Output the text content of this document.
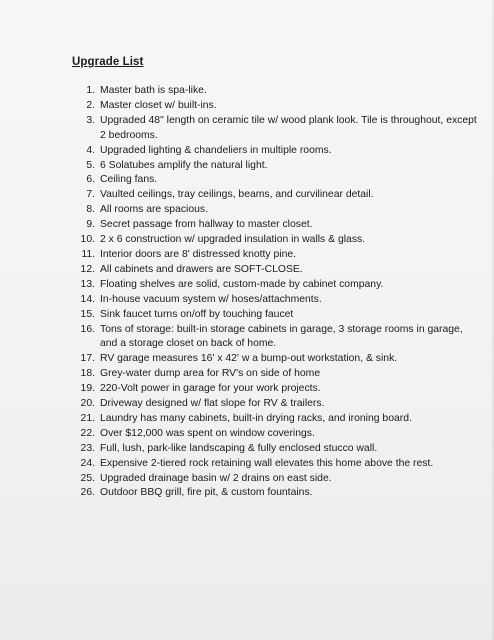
Upgrade List
1. Master bath is spa-like.
2. Master closet w/ built-ins.
3. Upgraded 48" length on ceramic tile w/ wood plank look. Tile is throughout, except 2 bedrooms.
4. Upgraded lighting & chandeliers in multiple rooms.
5. 6 Solatubes amplify the natural light.
6. Ceiling fans.
7. Vaulted ceilings, tray ceilings, beams, and curvilinear detail.
8. All rooms are spacious.
9. Secret passage from hallway to master closet.
10. 2 x 6 construction w/ upgraded insulation in walls & glass.
11. Interior doors are 8' distressed knotty pine.
12. All cabinets and drawers are SOFT-CLOSE.
13. Floating shelves are solid, custom-made by cabinet company.
14. In-house vacuum system w/ hoses/attachments.
15. Sink faucet turns on/off by touching faucet
16. Tons of storage: built-in storage cabinets in garage, 3 storage rooms in garage, and a storage closet on back of home.
17. RV garage measures 16' x 42' w a bump-out workstation, & sink.
18. Grey-water dump area for RV's on side of home
19. 220-Volt power in garage for your work projects.
20. Driveway designed w/ flat slope for RV & trailers.
21. Laundry has many cabinets, built-in drying racks, and ironing board.
22. Over $12,000 was spent on window coverings.
23. Full, lush, park-like landscaping & fully enclosed stucco wall.
24. Expensive 2-tiered rock retaining wall elevates this home above the rest.
25. Upgraded drainage basin w/ 2 drains on east side.
26. Outdoor BBQ grill, fire pit, & custom fountains.
